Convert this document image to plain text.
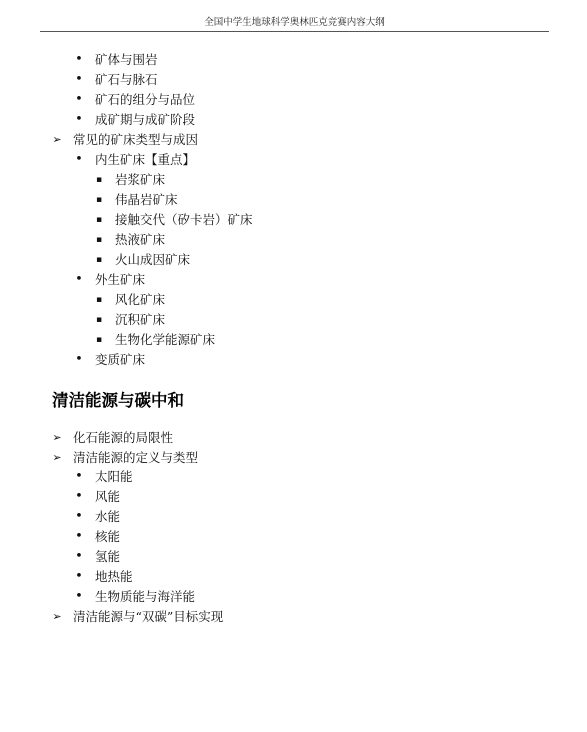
全国中学生地球科学奥林匹克竞赛内容大纲
• 矿体与围岩
• 矿石与脉石
• 矿石的组分与品位
• 成矿期与成矿阶段
➢ 常见的矿床类型与成因
• 内生矿床【重点】
▪	岩浆矿床
▪	伟晶岩矿床
▪	接触交代（矽卡岩）矿床
▪	热液矿床
▪	火山成因矿床
• 外生矿床
▪	风化矿床
▪	沉积矿床
▪	生物化学能源矿床
• 变质矿床
➢ 化石能源的局限性
➢ 清洁能源的定义与类型
• 太阳能
• 风能
• 水能
• 核能
• 氢能
• 地热能
• 生物质能与海洋能
➢ 清洁能源与“双碳”目标实现
清洁能源与碳中和
